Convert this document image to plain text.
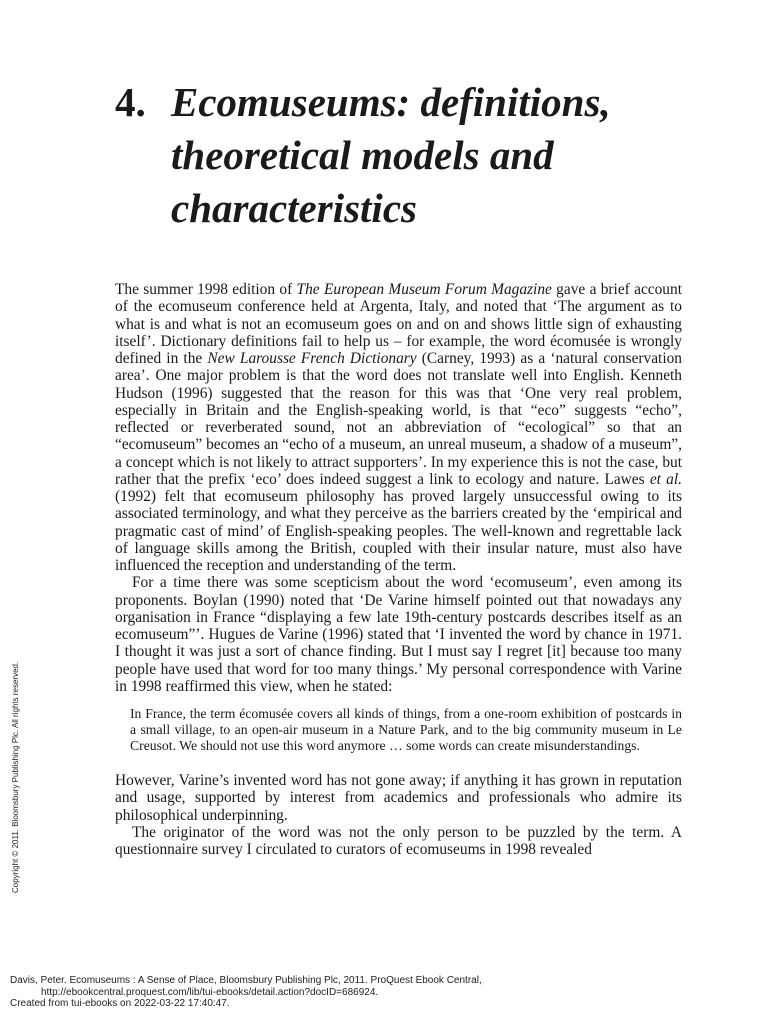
4. Ecomuseums: definitions,
theoretical models and
characteristics

The summer 1998 edition of The European Museum Forum Magazine gave a brief account of the ecomuseum conference held at Argenta, Italy, and noted that ‘The argument as to what is and what is not an ecomuseum goes on and on and shows little sign of exhausting itself’. Dictionary definitions fail to help us – for example, the word écomusée is wrongly defined in the New Larousse French Dictionary (Carney, 1993) as a ‘natural conservation area’. One major problem is that the word does not translate well into English. Kenneth Hudson (1996) suggested that the reason for this was that ‘One very real problem, especially in Britain and the English-speaking world, is that “eco” suggests “echo”, reflected or reverberated sound, not an abbreviation of “ecological” so that an “ecomuseum” becomes an “echo of a museum, an unreal museum, a shadow of a museum”, a concept which is not likely to attract supporters’. In my experience this is not the case, but rather that the prefix ‘eco’ does indeed suggest a link to ecology and nature. Lawes et al. (1992) felt that ecomuseum philosophy has proved largely unsuccessful owing to its associated terminology, and what they perceive as the barriers created by the ‘empirical and pragmatic cast of mind’ of English-speaking peoples. The well-known and regrettable lack of language skills among the British, coupled with their insular nature, must also have influenced the reception and understanding of the term.

For a time there was some scepticism about the word ‘ecomuseum’, even among its proponents. Boylan (1990) noted that ‘De Varine himself pointed out that nowadays any organisation in France “displaying a few late 19th-century postcards describes itself as an ecomuseum”’. Hugues de Varine (1996) stated that ‘I invented the word by chance in 1971. I thought it was just a sort of chance finding. But I must say I regret [it] because too many people have used that word for too many things.’ My personal correspondence with Varine in 1998 reaffirmed this view, when he stated:

In France, the term écomusée covers all kinds of things, from a one-room exhibition of postcards in a small village, to an open-air museum in a Nature Park, and to the big community museum in Le Creusot. We should not use this word anymore … some words can create misunderstandings.

However, Varine’s invented word has not gone away; if anything it has grown in reputation and usage, supported by interest from academics and professionals who admire its philosophical underpinning.

The originator of the word was not the only person to be puzzled by the term. A questionnaire survey I circulated to curators of ecomuseums in 1998 revealed

Copyright © 2011. Bloomsbury Publishing Plc. All rights reserved.
Davis, Peter. Ecomuseums : A Sense of Place, Bloomsbury Publishing Plc, 2011. ProQuest Ebook Central,
http://ebookcentral.proquest.com/lib/tui-ebooks/detail.action?docID=686924.
Created from tui-ebooks on 2022-03-22 17:40:47.
